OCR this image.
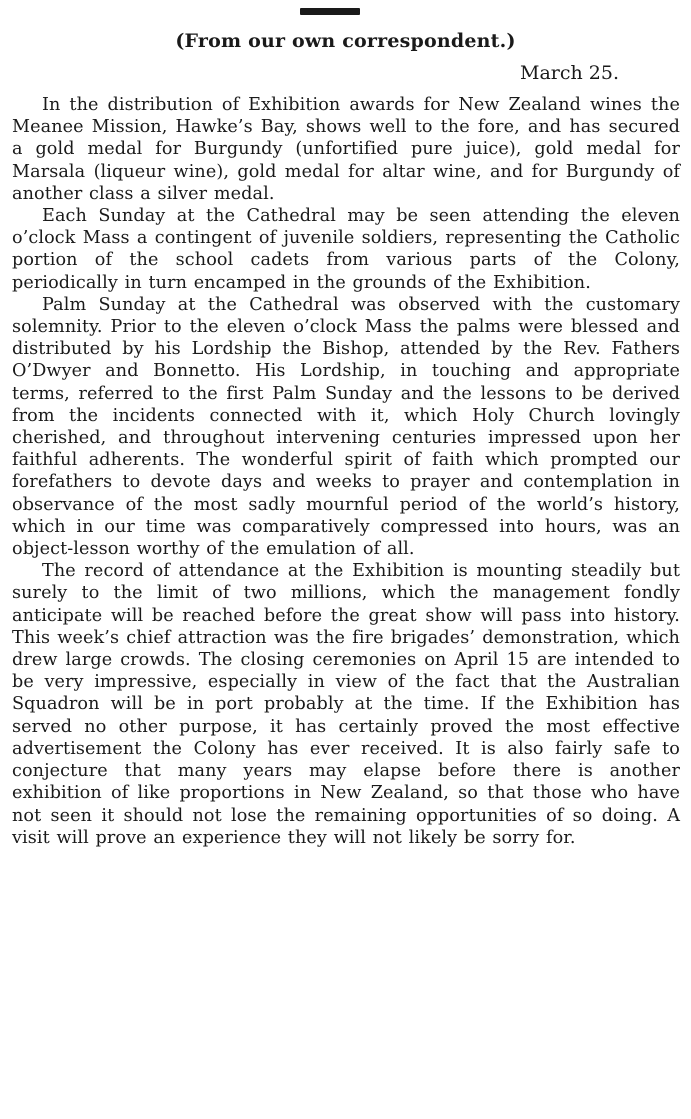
(From our own correspondent.)
March 25.

In the distribution of Exhibition awards for New Zealand wines the Meanee Mission, Hawke’s Bay, shows well to the fore, and has secured a gold medal for Burgundy (unfortified pure juice), gold medal for Marsala (liqueur wine), gold medal for altar wine, and for Burgundy of another class a silver medal.

Each Sunday at the Cathedral may be seen attending the eleven o’clock Mass a contingent of juvenile soldiers, representing the Catholic portion of the school cadets from various parts of the Colony, periodically in turn encamped in the grounds of the Exhibition.

Palm Sunday at the Cathedral was observed with the customary solemnity. Prior to the eleven o’clock Mass the palms were blessed and distributed by his Lordship the Bishop, attended by the Rev. Fathers O’Dwyer and Bonnetto. His Lordship, in touching and appropriate terms, referred to the first Palm Sunday and the lessons to be derived from the incidents connected with it, which Holy Church lovingly cherished, and throughout intervening centuries impressed upon her faithful adherents. The wonderful spirit of faith which prompted our forefathers to devote days and weeks to prayer and contemplation in observance of the most sadly mournful period of the world’s history, which in our time was comparatively compressed into hours, was an object-lesson worthy of the emulation of all.

The record of attendance at the Exhibition is mounting steadily but surely to the limit of two millions, which the management fondly anticipate will be reached before the great show will pass into history. This week’s chief attraction was the fire brigades’ demonstration, which drew large crowds. The closing ceremonies on April 15 are intended to be very impressive, especially in view of the fact that the Australian Squadron will be in port probably at the time. If the Exhibition has served no other purpose, it has certainly proved the most effective advertisement the Colony has ever received. It is also fairly safe to conjecture that many years may elapse before there is another exhibition of like proportions in New Zealand, so that those who have not seen it should not lose the remaining opportunities of so doing. A visit will prove an experience they will not likely be sorry for.
